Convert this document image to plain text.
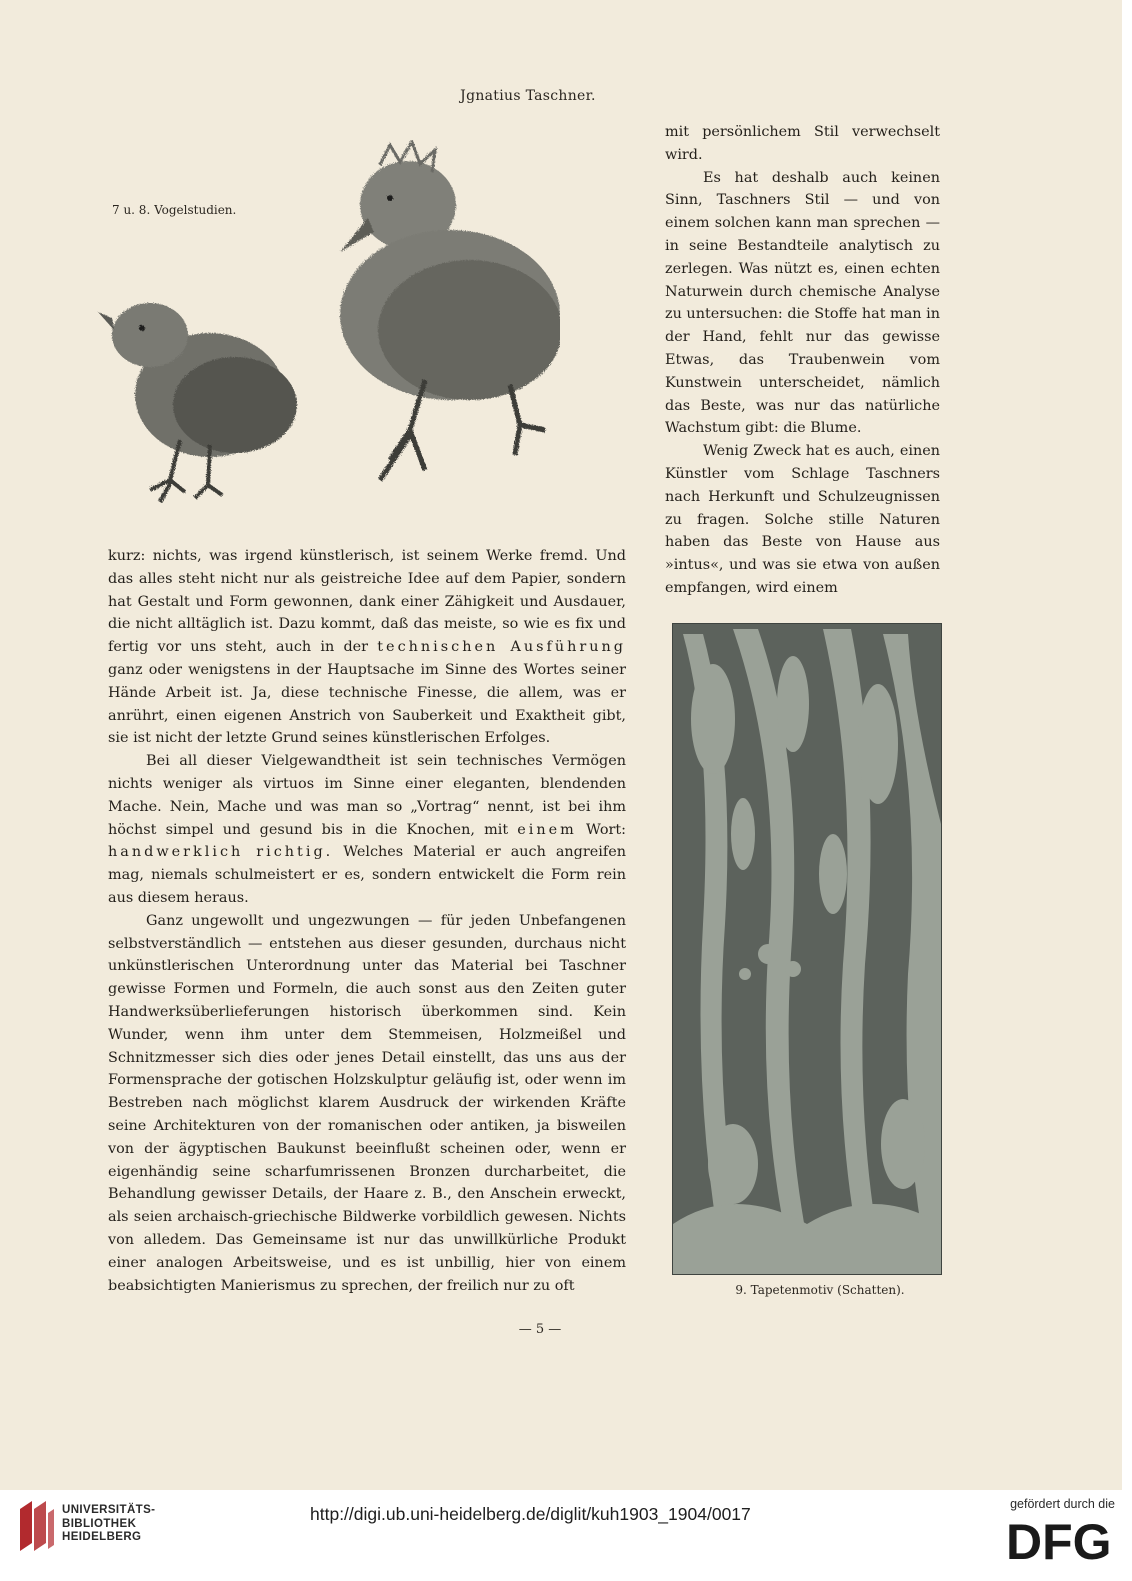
Jgnatius Taschner.
7 u. 8. Vogelstudien.

mit persönlichem Stil verwechselt wird.

Es hat deshalb auch keinen Sinn, Taschners Stil — und von einem solchen kann man sprechen — in seine Bestandteile analytisch zu zerlegen. Was nützt es, einen echten Naturwein durch chemische Analyse zu untersuchen: die Stoffe hat man in der Hand, fehlt nur das gewisse Etwas, das Traubenwein vom Kunstwein unterscheidet, nämlich das Beste, was nur das natürliche Wachstum gibt: die Blume.

Wenig Zweck hat es auch, einen Künstler vom Schlage Taschners nach Herkunft und Schulzeugnissen zu fragen. Solche stille Naturen haben das Beste von Hause aus »intus«, und was sie etwa von außen empfangen, wird einem

9. Tapetenmotiv (Schatten).

kurz: nichts, was irgend künstlerisch, ist seinem Werke fremd. Und das alles steht nicht nur als geistreiche Idee auf dem Papier, sondern hat Gestalt und Form gewonnen, dank einer Zähigkeit und Ausdauer, die nicht alltäglich ist. Dazu kommt, daß das meiste, so wie es fix und fertig vor uns steht, auch in der technischen Ausführung ganz oder wenigstens in der Hauptsache im Sinne des Wortes seiner Hände Arbeit ist. Ja, diese technische Finesse, die allem, was er anrührt, einen eigenen Anstrich von Sauberkeit und Exaktheit gibt, sie ist nicht der letzte Grund seines künstlerischen Erfolges.

Bei all dieser Vielgewandtheit ist sein technisches Vermögen nichts weniger als virtuos im Sinne einer eleganten, blendenden Mache. Nein, Mache und was man so „Vortrag“ nennt, ist bei ihm höchst simpel und gesund bis in die Knochen, mit einem Wort: handwerklich richtig. Welches Material er auch angreifen mag, niemals schulmeistert er es, sondern entwickelt die Form rein aus diesem heraus.

Ganz ungewollt und ungezwungen — für jeden Unbefangenen selbstverständlich — entstehen aus dieser gesunden, durchaus nicht unkünstlerischen Unterordnung unter das Material bei Taschner gewisse Formen und Formeln, die auch sonst aus den Zeiten guter Handwerksüberlieferungen historisch überkommen sind. Kein Wunder, wenn ihm unter dem Stemmeisen, Holzmeißel und Schnitzmesser sich dies oder jenes Detail einstellt, das uns aus der Formensprache der gotischen Holzskulptur geläufig ist, oder wenn im Bestreben nach möglichst klarem Ausdruck der wirkenden Kräfte seine Architekturen von der romanischen oder antiken, ja bisweilen von der ägyptischen Baukunst beeinflußt scheinen oder, wenn er eigenhändig seine scharfumrissenen Bronzen durcharbeitet, die Behandlung gewisser Details, der Haare z. B., den Anschein erweckt, als seien archaisch-griechische Bildwerke vorbildlich gewesen. Nichts von alledem. Das Gemeinsame ist nur das unwillkürliche Produkt einer analogen Arbeitsweise, und es ist unbillig, hier von einem beabsichtigten Manierismus zu sprechen, der freilich nur zu oft

— 5 —
UNIVERSITÄTS-
BIBLIOTHEK
HEIDELBERG
http://digi.ub.uni-heidelberg.de/diglit/kuh1903_1904/0017	gefördert durch die
DFG
